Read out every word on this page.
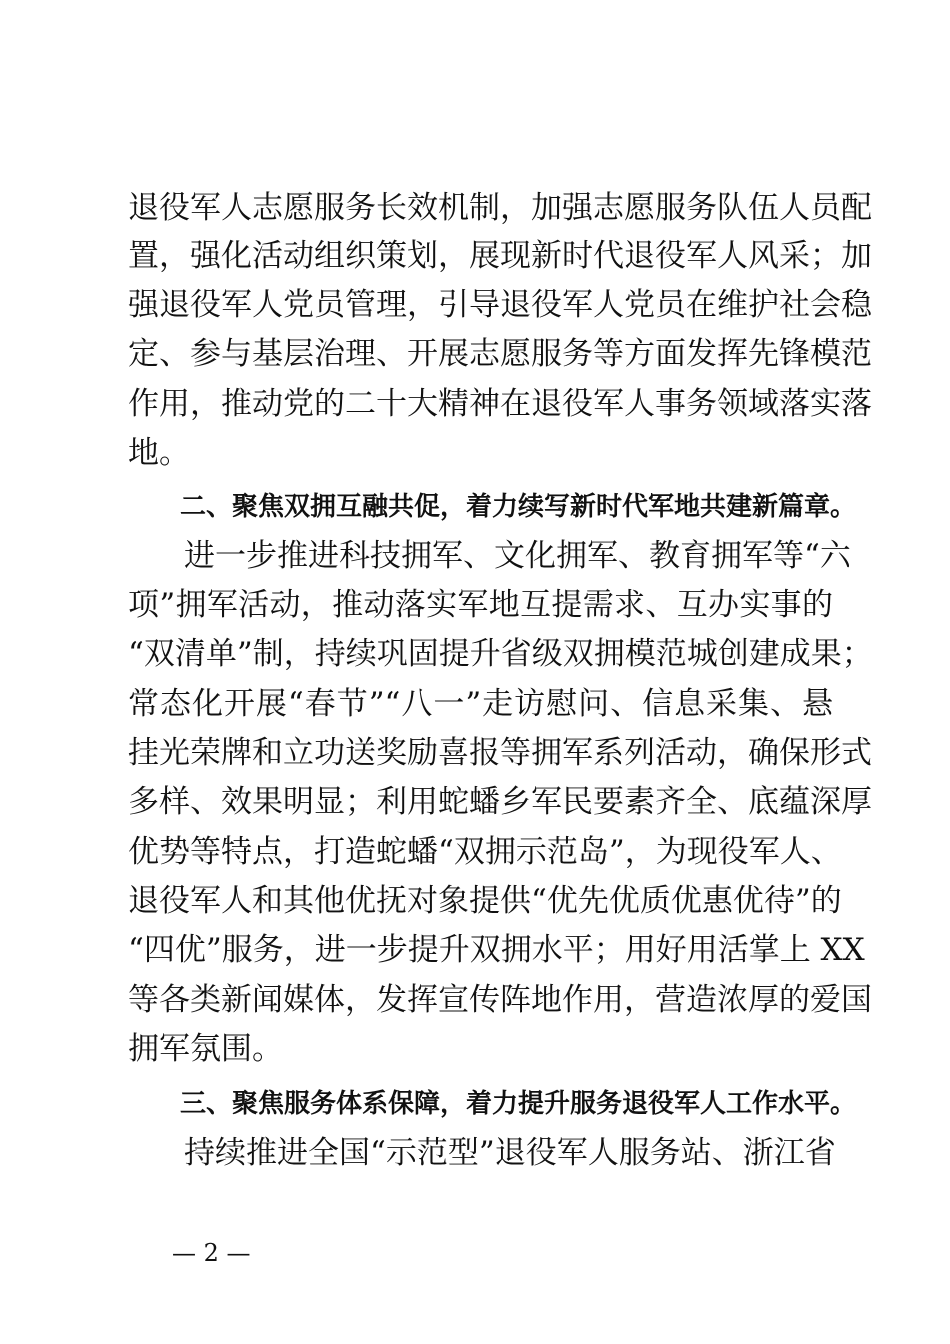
退役军人志愿服务长效机制，加强志愿服务队伍人员配
置，强化活动组织策划，展现新时代退役军人风采；加
强退役军人党员管理，引导退役军人党员在维护社会稳
定、参与基层治理、开展志愿服务等方面发挥先锋模范
作用，推动党的二十大精神在退役军人事务领域落实落
地。
二、聚焦双拥互融共促，着力续写新时代军地共建新篇章。
进一步推进科技拥军、文化拥军、教育拥军等“六
项”拥军活动，推动落实军地互提需求、互办实事的
“双清单”制，持续巩固提升省级双拥模范城创建成果；
常态化开展“春节”“八一”走访慰问、信息采集、悬
挂光荣牌和立功送奖励喜报等拥军系列活动，确保形式
多样、效果明显；利用蛇蟠乡军民要素齐全、底蕴深厚
优势等特点，打造蛇蟠“双拥示范岛”，为现役军人、
退役军人和其他优抚对象提供“优先优质优惠优待”的
“四优”服务，进一步提升双拥水平；用好用活掌上 XX
等各类新闻媒体，发挥宣传阵地作用，营造浓厚的爱国
拥军氛围。
三、聚焦服务体系保障，着力提升服务退役军人工作水平。
持续推进全国“示范型”退役军人服务站、浙江省
— 2 —
